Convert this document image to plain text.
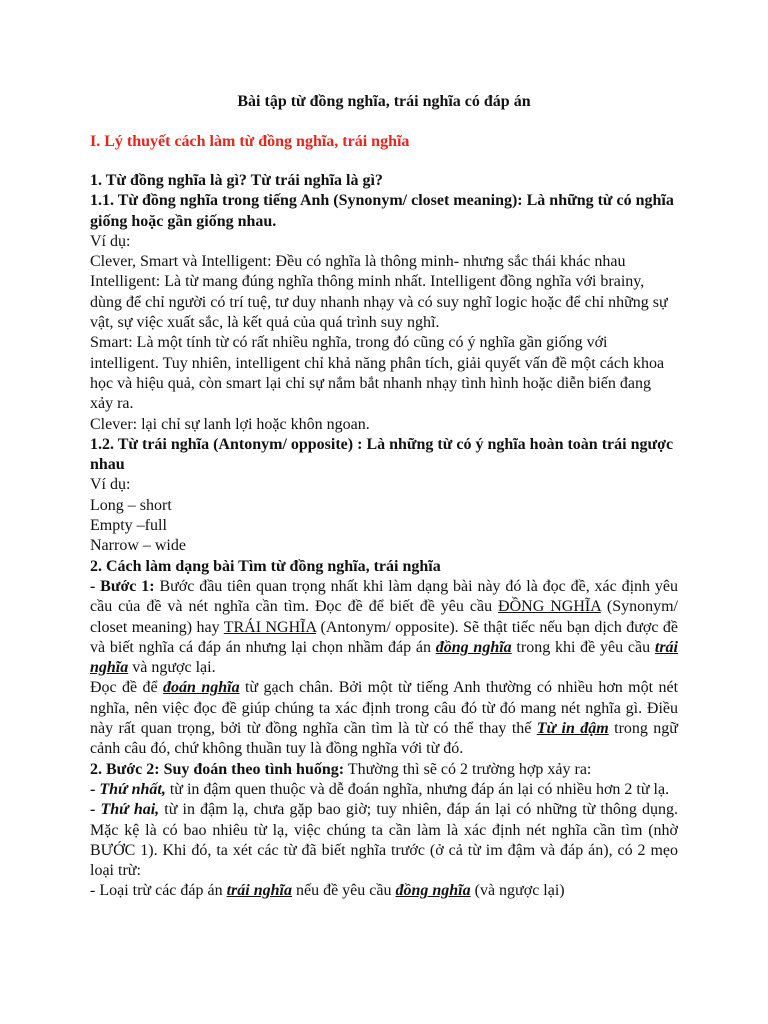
Bài tập từ đồng nghĩa, trái nghĩa có đáp án
I. Lý thuyết cách làm từ đồng nghĩa, trái nghĩa

1. Từ đồng nghĩa là gì? Từ trái nghĩa là gì?

1.1. Từ đồng nghĩa trong tiếng Anh (Synonym/ closet meaning): Là những từ có nghĩa giống hoặc gần giống nhau.

Ví dụ:

Clever, Smart và Intelligent: Đều có nghĩa là thông minh- nhưng sắc thái khác nhau

Intelligent: Là từ mang đúng nghĩa thông minh nhất. Intelligent đồng nghĩa với brainy, dùng để chỉ người có trí tuệ, tư duy nhanh nhạy và có suy nghĩ logic hoặc để chỉ những sự vật, sự việc xuất sắc, là kết quả của quá trình suy nghĩ.

Smart: Là một tính từ có rất nhiều nghĩa, trong đó cũng có ý nghĩa gần giống với intelligent. Tuy nhiên, intelligent chỉ khả năng phân tích, giải quyết vấn đề một cách khoa học và hiệu quả, còn smart lại chỉ sự nắm bắt nhanh nhạy tình hình hoặc diễn biến đang xảy ra.

Clever: lại chỉ sự lanh lợi hoặc khôn ngoan.

1.2. Từ trái nghĩa (Antonym/ opposite) : Là những từ có ý nghĩa hoàn toàn trái ngược nhau

Ví dụ:

Long – short

Empty –full

Narrow – wide

2. Cách làm dạng bài Tìm từ đồng nghĩa, trái nghĩa

- Bước 1: Bước đầu tiên quan trọng nhất khi làm dạng bài này đó là đọc đề, xác định yêu cầu của đề và nét nghĩa cần tìm. Đọc đề để biết đề yêu cầu ĐỒNG NGHĨA (Synonym/ closet meaning) hay TRÁI NGHĨA (Antonym/ opposite). Sẽ thật tiếc nếu bạn dịch được đề và biết nghĩa cá đáp án nhưng lại chọn nhầm đáp án đồng nghĩa trong khi đề yêu cầu trái nghĩa và ngược lại.

Đọc đề để đoán nghĩa từ gạch chân. Bởi một từ tiếng Anh thường có nhiều hơn một nét nghĩa, nên việc đọc đề giúp chúng ta xác định trong câu đó từ đó mang nét nghĩa gì. Điều này rất quan trọng, bởi từ đồng nghĩa cần tìm là từ có thể thay thế Từ in đậm trong ngữ cảnh câu đó, chứ không thuần tuy là đồng nghĩa với từ đó.

2. Bước 2: Suy đoán theo tình huống: Thường thì sẽ có 2 trường hợp xảy ra:

- Thứ nhất, từ in đậm quen thuộc và dễ đoán nghĩa, nhưng đáp án lại có nhiều hơn 2 từ lạ.

- Thứ hai, từ in đậm lạ, chưa gặp bao giờ; tuy nhiên, đáp án lại có những từ thông dụng. Mặc kệ là có bao nhiêu từ lạ, việc chúng ta cần làm là xác định nét nghĩa cần tìm (nhờ BƯỚC 1). Khi đó, ta xét các từ đã biết nghĩa trước (ở cả từ im đậm và đáp án), có 2 mẹo loại trừ:

- Loại trừ các đáp án trái nghĩa nếu đề yêu cầu đồng nghĩa (và ngược lại)
